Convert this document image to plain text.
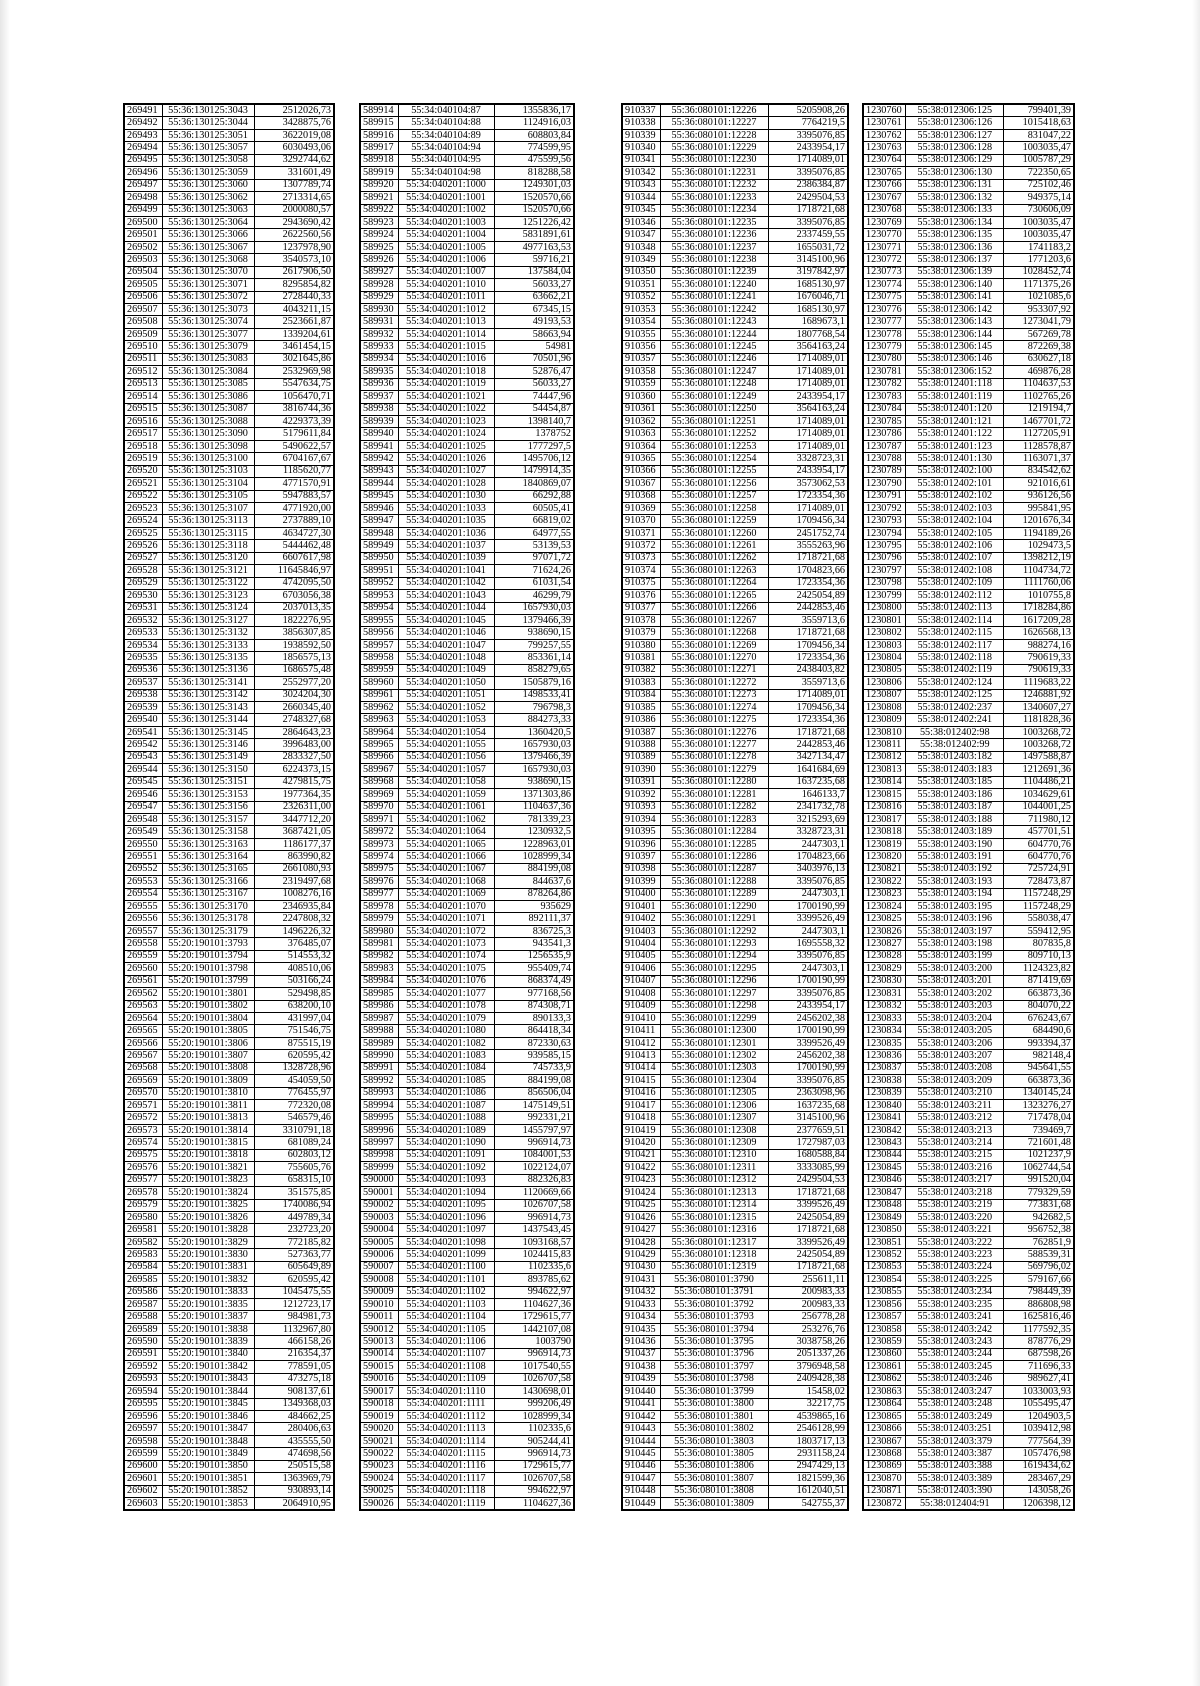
269491	55:36:130125:3043	2512026,73
269492	55:36:130125:3044	3428875,76
269493	55:36:130125:3051	3622019,08
269494	55:36:130125:3057	6030493,06
269495	55:36:130125:3058	3292744,62
269496	55:36:130125:3059	331601,49
269497	55:36:130125:3060	1307789,74
269498	55:36:130125:3062	2713314,65
269499	55:36:130125:3063	2000080,57
269500	55:36:130125:3064	2943690,42
269501	55:36:130125:3066	2622560,56
269502	55:36:130125:3067	1237978,90
269503	55:36:130125:3068	3540573,10
269504	55:36:130125:3070	2617906,50
269505	55:36:130125:3071	8295854,82
269506	55:36:130125:3072	2728440,33
269507	55:36:130125:3073	4043211,15
269508	55:36:130125:3074	2523661,87
269509	55:36:130125:3077	1339204,61
269510	55:36:130125:3079	3461454,15
269511	55:36:130125:3083	3021645,86
269512	55:36:130125:3084	2532969,98
269513	55:36:130125:3085	5547634,75
269514	55:36:130125:3086	1056470,71
269515	55:36:130125:3087	3816744,36
269516	55:36:130125:3088	4229373,39
269517	55:36:130125:3090	5179611,84
269518	55:36:130125:3098	5490622,57
269519	55:36:130125:3100	6704167,67
269520	55:36:130125:3103	1185620,77
269521	55:36:130125:3104	4771570,91
269522	55:36:130125:3105	5947883,57
269523	55:36:130125:3107	4771920,00
269524	55:36:130125:3113	2737889,10
269525	55:36:130125:3115	4634727,30
269526	55:36:130125:3118	5444462,48
269527	55:36:130125:3120	6607617,98
269528	55:36:130125:3121	11645846,97
269529	55:36:130125:3122	4742095,50
269530	55:36:130125:3123	6703056,38
269531	55:36:130125:3124	2037013,35
269532	55:36:130125:3127	1822276,95
269533	55:36:130125:3132	3856307,85
269534	55:36:130125:3133	1938592,50
269535	55:36:130125:3135	1856575,13
269536	55:36:130125:3136	1686575,48
269537	55:36:130125:3141	2552977,20
269538	55:36:130125:3142	3024204,30
269539	55:36:130125:3143	2660345,40
269540	55:36:130125:3144	2748327,68
269541	55:36:130125:3145	2864643,23
269542	55:36:130125:3146	3996483,00
269543	55:36:130125:3149	2833327,50
269544	55:36:130125:3150	6224373,15
269545	55:36:130125:3151	4279815,75
269546	55:36:130125:3153	1977364,35
269547	55:36:130125:3156	2326311,00
269548	55:36:130125:3157	3447712,20
269549	55:36:130125:3158	3687421,05
269550	55:36:130125:3163	1186177,37
269551	55:36:130125:3164	863990,82
269552	55:36:130125:3165	2661080,93
269553	55:36:130125:3166	2319497,68
269554	55:36:130125:3167	1008276,16
269555	55:36:130125:3170	2346935,84
269556	55:36:130125:3178	2247808,32
269557	55:36:130125:3179	1496226,32
269558	55:20:190101:3793	376485,07
269559	55:20:190101:3794	514553,32
269560	55:20:190101:3798	408510,06
269561	55:20:190101:3799	503166,24
269562	55:20:190101:3801	529498,85
269563	55:20:190101:3802	638200,10
269564	55:20:190101:3804	431997,04
269565	55:20:190101:3805	751546,75
269566	55:20:190101:3806	875515,19
269567	55:20:190101:3807	620595,42
269568	55:20:190101:3808	1328728,96
269569	55:20:190101:3809	454059,50
269570	55:20:190101:3810	776455,97
269571	55:20:190101:3811	772320,08
269572	55:20:190101:3813	546579,46
269573	55:20:190101:3814	3310791,18
269574	55:20:190101:3815	681089,24
269575	55:20:190101:3818	602803,12
269576	55:20:190101:3821	755605,76
269577	55:20:190101:3823	658315,10
269578	55:20:190101:3824	351575,85
269579	55:20:190101:3825	1740086,94
269580	55:20:190101:3826	449789,34
269581	55:20:190101:3828	232723,20
269582	55:20:190101:3829	772185,82
269583	55:20:190101:3830	527363,77
269584	55:20:190101:3831	605649,89
269585	55:20:190101:3832	620595,42
269586	55:20:190101:3833	1045475,55
269587	55:20:190101:3835	1212723,17
269588	55:20:190101:3837	984981,73
269589	55:20:190101:3838	1132967,80
269590	55:20:190101:3839	466158,26
269591	55:20:190101:3840	216354,37
269592	55:20:190101:3842	778591,05
269593	55:20:190101:3843	473275,18
269594	55:20:190101:3844	908137,61
269595	55:20:190101:3845	1349368,03
269596	55:20:190101:3846	484662,25
269597	55:20:190101:3847	280406,63
269598	55:20:190101:3848	435555,50
269599	55:20:190101:3849	474698,56
269600	55:20:190101:3850	250515,58
269601	55:20:190101:3851	1363969,79
269602	55:20:190101:3852	930893,14
269603	55:20:190101:3853	2064910,95
589914	55:34:040104:87	1355836,17
589915	55:34:040104:88	1124916,03
589916	55:34:040104:89	608803,84
589917	55:34:040104:94	774599,95
589918	55:34:040104:95	475599,56
589919	55:34:040104:98	818288,58
589920	55:34:040201:1000	1249301,03
589921	55:34:040201:1001	1520570,66
589922	55:34:040201:1002	1520570,66
589923	55:34:040201:1003	1251226,42
589924	55:34:040201:1004	5831891,61
589925	55:34:040201:1005	4977163,53
589926	55:34:040201:1006	59716,21
589927	55:34:040201:1007	137584,04
589928	55:34:040201:1010	56033,27
589929	55:34:040201:1011	63662,21
589930	55:34:040201:1012	67345,15
589931	55:34:040201:1013	49193,53
589932	55:34:040201:1014	58663,94
589933	55:34:040201:1015	54981
589934	55:34:040201:1016	70501,96
589935	55:34:040201:1018	52876,47
589936	55:34:040201:1019	56033,27
589937	55:34:040201:1021	74447,96
589938	55:34:040201:1022	54454,87
589939	55:34:040201:1023	1398140,7
589940	55:34:040201:1024	1378752
589941	55:34:040201:1025	1777297,5
589942	55:34:040201:1026	1495706,12
589943	55:34:040201:1027	1479914,35
589944	55:34:040201:1028	1840869,07
589945	55:34:040201:1030	66292,88
589946	55:34:040201:1033	60505,41
589947	55:34:040201:1035	66819,02
589948	55:34:040201:1036	64977,55
589949	55:34:040201:1037	53139,53
589950	55:34:040201:1039	97071,72
589951	55:34:040201:1041	71624,26
589952	55:34:040201:1042	61031,54
589953	55:34:040201:1043	46299,79
589954	55:34:040201:1044	1657930,03
589955	55:34:040201:1045	1379466,39
589956	55:34:040201:1046	938690,15
589957	55:34:040201:1047	799257,55
589958	55:34:040201:1048	853361,14
589959	55:34:040201:1049	858279,65
589960	55:34:040201:1050	1505879,16
589961	55:34:040201:1051	1498533,41
589962	55:34:040201:1052	796798,3
589963	55:34:040201:1053	884273,33
589964	55:34:040201:1054	1360420,5
589965	55:34:040201:1055	1657930,03
589966	55:34:040201:1056	1379466,39
589967	55:34:040201:1057	1657930,03
589968	55:34:040201:1058	938690,15
589969	55:34:040201:1059	1371303,86
589970	55:34:040201:1061	1104637,36
589971	55:34:040201:1062	781339,23
589972	55:34:040201:1064	1230932,5
589973	55:34:040201:1065	1228963,01
589974	55:34:040201:1066	1028999,34
589975	55:34:040201:1067	884199,08
589976	55:34:040201:1068	844637,6
589977	55:34:040201:1069	878264,86
589978	55:34:040201:1070	935629
589979	55:34:040201:1071	892111,37
589980	55:34:040201:1072	836725,3
589981	55:34:040201:1073	943541,3
589982	55:34:040201:1074	1256535,9
589983	55:34:040201:1075	955409,74
589984	55:34:040201:1076	868374,49
589985	55:34:040201:1077	977168,56
589986	55:34:040201:1078	874308,71
589987	55:34:040201:1079	890133,3
589988	55:34:040201:1080	864418,34
589989	55:34:040201:1082	872330,63
589990	55:34:040201:1083	939585,15
589991	55:34:040201:1084	745733,9
589992	55:34:040201:1085	884199,08
589993	55:34:040201:1086	856506,04
589994	55:34:040201:1087	1475149,51
589995	55:34:040201:1088	992331,21
589996	55:34:040201:1089	1455797,97
589997	55:34:040201:1090	996914,73
589998	55:34:040201:1091	1084001,53
589999	55:34:040201:1092	1022124,07
590000	55:34:040201:1093	882326,83
590001	55:34:040201:1094	1120669,66
590002	55:34:040201:1095	1026707,58
590003	55:34:040201:1096	996914,73
590004	55:34:040201:1097	1437543,45
590005	55:34:040201:1098	1093168,57
590006	55:34:040201:1099	1024415,83
590007	55:34:040201:1100	1102335,6
590008	55:34:040201:1101	893785,62
590009	55:34:040201:1102	994622,97
590010	55:34:040201:1103	1104627,36
590011	55:34:040201:1104	1729615,77
590012	55:34:040201:1105	1442107,08
590013	55:34:040201:1106	1003790
590014	55:34:040201:1107	996914,73
590015	55:34:040201:1108	1017540,55
590016	55:34:040201:1109	1026707,58
590017	55:34:040201:1110	1430698,01
590018	55:34:040201:1111	999206,49
590019	55:34:040201:1112	1028999,34
590020	55:34:040201:1113	1102335,6
590021	55:34:040201:1114	905244,41
590022	55:34:040201:1115	996914,73
590023	55:34:040201:1116	1729615,77
590024	55:34:040201:1117	1026707,58
590025	55:34:040201:1118	994622,97
590026	55:34:040201:1119	1104627,36
910337	55:36:080101:12226	5205908,26
910338	55:36:080101:12227	7764219,5
910339	55:36:080101:12228	3395076,85
910340	55:36:080101:12229	2433954,17
910341	55:36:080101:12230	1714089,01
910342	55:36:080101:12231	3395076,85
910343	55:36:080101:12232	2386384,87
910344	55:36:080101:12233	2429504,53
910345	55:36:080101:12234	1718721,68
910346	55:36:080101:12235	3395076,85
910347	55:36:080101:12236	2337459,55
910348	55:36:080101:12237	1655031,72
910349	55:36:080101:12238	3145100,96
910350	55:36:080101:12239	3197842,97
910351	55:36:080101:12240	1685130,97
910352	55:36:080101:12241	1676046,71
910353	55:36:080101:12242	1685130,97
910354	55:36:080101:12243	1689673,1
910355	55:36:080101:12244	1807768,54
910356	55:36:080101:12245	3564163,24
910357	55:36:080101:12246	1714089,01
910358	55:36:080101:12247	1714089,01
910359	55:36:080101:12248	1714089,01
910360	55:36:080101:12249	2433954,17
910361	55:36:080101:12250	3564163,24
910362	55:36:080101:12251	1714089,01
910363	55:36:080101:12252	1714089,01
910364	55:36:080101:12253	1714089,01
910365	55:36:080101:12254	3328723,31
910366	55:36:080101:12255	2433954,17
910367	55:36:080101:12256	3573062,53
910368	55:36:080101:12257	1723354,36
910369	55:36:080101:12258	1714089,01
910370	55:36:080101:12259	1709456,34
910371	55:36:080101:12260	2451752,74
910372	55:36:080101:12261	3555263,96
910373	55:36:080101:12262	1718721,68
910374	55:36:080101:12263	1704823,66
910375	55:36:080101:12264	1723354,36
910376	55:36:080101:12265	2425054,89
910377	55:36:080101:12266	2442853,46
910378	55:36:080101:12267	3559713,6
910379	55:36:080101:12268	1718721,68
910380	55:36:080101:12269	1709456,34
910381	55:36:080101:12270	1723354,36
910382	55:36:080101:12271	2438403,82
910383	55:36:080101:12272	3559713,6
910384	55:36:080101:12273	1714089,01
910385	55:36:080101:12274	1709456,34
910386	55:36:080101:12275	1723354,36
910387	55:36:080101:12276	1718721,68
910388	55:36:080101:12277	2442853,46
910389	55:36:080101:12278	3427134,47
910390	55:36:080101:12279	1641684,69
910391	55:36:080101:12280	1637235,68
910392	55:36:080101:12281	1646133,7
910393	55:36:080101:12282	2341732,78
910394	55:36:080101:12283	3215293,69
910395	55:36:080101:12284	3328723,31
910396	55:36:080101:12285	2447303,1
910397	55:36:080101:12286	1704823,66
910398	55:36:080101:12287	3403976,13
910399	55:36:080101:12288	3395076,85
910400	55:36:080101:12289	2447303,1
910401	55:36:080101:12290	1700190,99
910402	55:36:080101:12291	3399526,49
910403	55:36:080101:12292	2447303,1
910404	55:36:080101:12293	1695558,32
910405	55:36:080101:12294	3395076,85
910406	55:36:080101:12295	2447303,1
910407	55:36:080101:12296	1700190,99
910408	55:36:080101:12297	3395076,85
910409	55:36:080101:12298	2433954,17
910410	55:36:080101:12299	2456202,38
910411	55:36:080101:12300	1700190,99
910412	55:36:080101:12301	3399526,49
910413	55:36:080101:12302	2456202,38
910414	55:36:080101:12303	1700190,99
910415	55:36:080101:12304	3395076,85
910416	55:36:080101:12305	2363098,96
910417	55:36:080101:12306	1637235,68
910418	55:36:080101:12307	3145100,96
910419	55:36:080101:12308	2377659,51
910420	55:36:080101:12309	1727987,03
910421	55:36:080101:12310	1680588,84
910422	55:36:080101:12311	3333085,99
910423	55:36:080101:12312	2429504,53
910424	55:36:080101:12313	1718721,68
910425	55:36:080101:12314	3399526,49
910426	55:36:080101:12315	2425054,89
910427	55:36:080101:12316	1718721,68
910428	55:36:080101:12317	3399526,49
910429	55:36:080101:12318	2425054,89
910430	55:36:080101:12319	1718721,68
910431	55:36:080101:3790	255611,11
910432	55:36:080101:3791	200983,33
910433	55:36:080101:3792	200983,33
910434	55:36:080101:3793	256778,28
910435	55:36:080101:3794	253276,76
910436	55:36:080101:3795	3038758,26
910437	55:36:080101:3796	2051337,26
910438	55:36:080101:3797	3796948,58
910439	55:36:080101:3798	2409428,38
910440	55:36:080101:3799	15458,02
910441	55:36:080101:3800	32217,75
910442	55:36:080101:3801	4539865,16
910443	55:36:080101:3802	2546128,99
910444	55:36:080101:3803	1803717,13
910445	55:36:080101:3805	2931158,24
910446	55:36:080101:3806	2947429,13
910447	55:36:080101:3807	1821599,36
910448	55:36:080101:3808	1612040,51
910449	55:36:080101:3809	542755,37
1230760	55:38:012306:125	799401,39
1230761	55:38:012306:126	1015418,63
1230762	55:38:012306:127	831047,22
1230763	55:38:012306:128	1003035,47
1230764	55:38:012306:129	1005787,29
1230765	55:38:012306:130	722350,65
1230766	55:38:012306:131	725102,46
1230767	55:38:012306:132	949375,14
1230768	55:38:012306:133	730606,09
1230769	55:38:012306:134	1003035,47
1230770	55:38:012306:135	1003035,47
1230771	55:38:012306:136	1741183,2
1230772	55:38:012306:137	1771203,6
1230773	55:38:012306:139	1028452,74
1230774	55:38:012306:140	1171375,26
1230775	55:38:012306:141	1021085,6
1230776	55:38:012306:142	953307,92
1230777	55:38:012306:143	1273041,79
1230778	55:38:012306:144	567269,78
1230779	55:38:012306:145	872269,38
1230780	55:38:012306:146	630627,18
1230781	55:38:012306:152	469876,28
1230782	55:38:012401:118	1104637,53
1230783	55:38:012401:119	1102765,26
1230784	55:38:012401:120	1219194,7
1230785	55:38:012401:121	1467701,72
1230786	55:38:012401:122	1127205,91
1230787	55:38:012401:123	1128578,87
1230788	55:38:012401:130	1163071,37
1230789	55:38:012402:100	834542,62
1230790	55:38:012402:101	921016,61
1230791	55:38:012402:102	936126,56
1230792	55:38:012402:103	995841,95
1230793	55:38:012402:104	1201676,34
1230794	55:38:012402:105	1194189,26
1230795	55:38:012402:106	1029473,5
1230796	55:38:012402:107	1398212,19
1230797	55:38:012402:108	1104734,72
1230798	55:38:012402:109	1111760,06
1230799	55:38:012402:112	1010755,8
1230800	55:38:012402:113	1718284,86
1230801	55:38:012402:114	1617209,28
1230802	55:38:012402:115	1626568,13
1230803	55:38:012402:117	988274,16
1230804	55:38:012402:118	790619,33
1230805	55:38:012402:119	790619,33
1230806	55:38:012402:124	1119683,22
1230807	55:38:012402:125	1246881,92
1230808	55:38:012402:237	1340607,27
1230809	55:38:012402:241	1181828,36
1230810	55:38:012402:98	1003268,72
1230811	55:38:012402:99	1003268,72
1230812	55:38:012403:182	1497588,87
1230813	55:38:012403:183	1212691,36
1230814	55:38:012403:185	1104486,21
1230815	55:38:012403:186	1034629,61
1230816	55:38:012403:187	1044001,25
1230817	55:38:012403:188	711980,12
1230818	55:38:012403:189	457701,51
1230819	55:38:012403:190	604770,76
1230820	55:38:012403:191	604770,76
1230821	55:38:012403:192	725724,91
1230822	55:38:012403:193	728473,87
1230823	55:38:012403:194	1157248,29
1230824	55:38:012403:195	1157248,29
1230825	55:38:012403:196	558038,47
1230826	55:38:012403:197	559412,95
1230827	55:38:012403:198	807835,8
1230828	55:38:012403:199	809710,13
1230829	55:38:012403:200	1124323,82
1230830	55:38:012403:201	871419,69
1230831	55:38:012403:202	663873,36
1230832	55:38:012403:203	804070,22
1230833	55:38:012403:204	676243,67
1230834	55:38:012403:205	684490,6
1230835	55:38:012403:206	993394,37
1230836	55:38:012403:207	982148,4
1230837	55:38:012403:208	945641,55
1230838	55:38:012403:209	663873,36
1230839	55:38:012403:210	1340145,24
1230840	55:38:012403:211	1323276,27
1230841	55:38:012403:212	717478,04
1230842	55:38:012403:213	739469,7
1230843	55:38:012403:214	721601,48
1230844	55:38:012403:215	1021237,9
1230845	55:38:012403:216	1062744,54
1230846	55:38:012403:217	991520,04
1230847	55:38:012403:218	779329,59
1230848	55:38:012403:219	773831,68
1230849	55:38:012403:220	942682,5
1230850	55:38:012403:221	956752,38
1230851	55:38:012403:222	762851,9
1230852	55:38:012403:223	588539,31
1230853	55:38:012403:224	569796,02
1230854	55:38:012403:225	579167,66
1230855	55:38:012403:234	798449,39
1230856	55:38:012403:235	886808,98
1230857	55:38:012403:241	1625816,46
1230858	55:38:012403:242	1177592,35
1230859	55:38:012403:243	878776,29
1230860	55:38:012403:244	687598,26
1230861	55:38:012403:245	711696,33
1230862	55:38:012403:246	989627,41
1230863	55:38:012403:247	1033003,93
1230864	55:38:012403:248	1055495,47
1230865	55:38:012403:249	1204903,5
1230866	55:38:012403:251	1039412,98
1230867	55:38:012403:379	777564,39
1230868	55:38:012403:387	1057476,98
1230869	55:38:012403:388	1619434,62
1230870	55:38:012403:389	283467,29
1230871	55:38:012403:390	143058,26
1230872	55:38:012404:91	1206398,12
